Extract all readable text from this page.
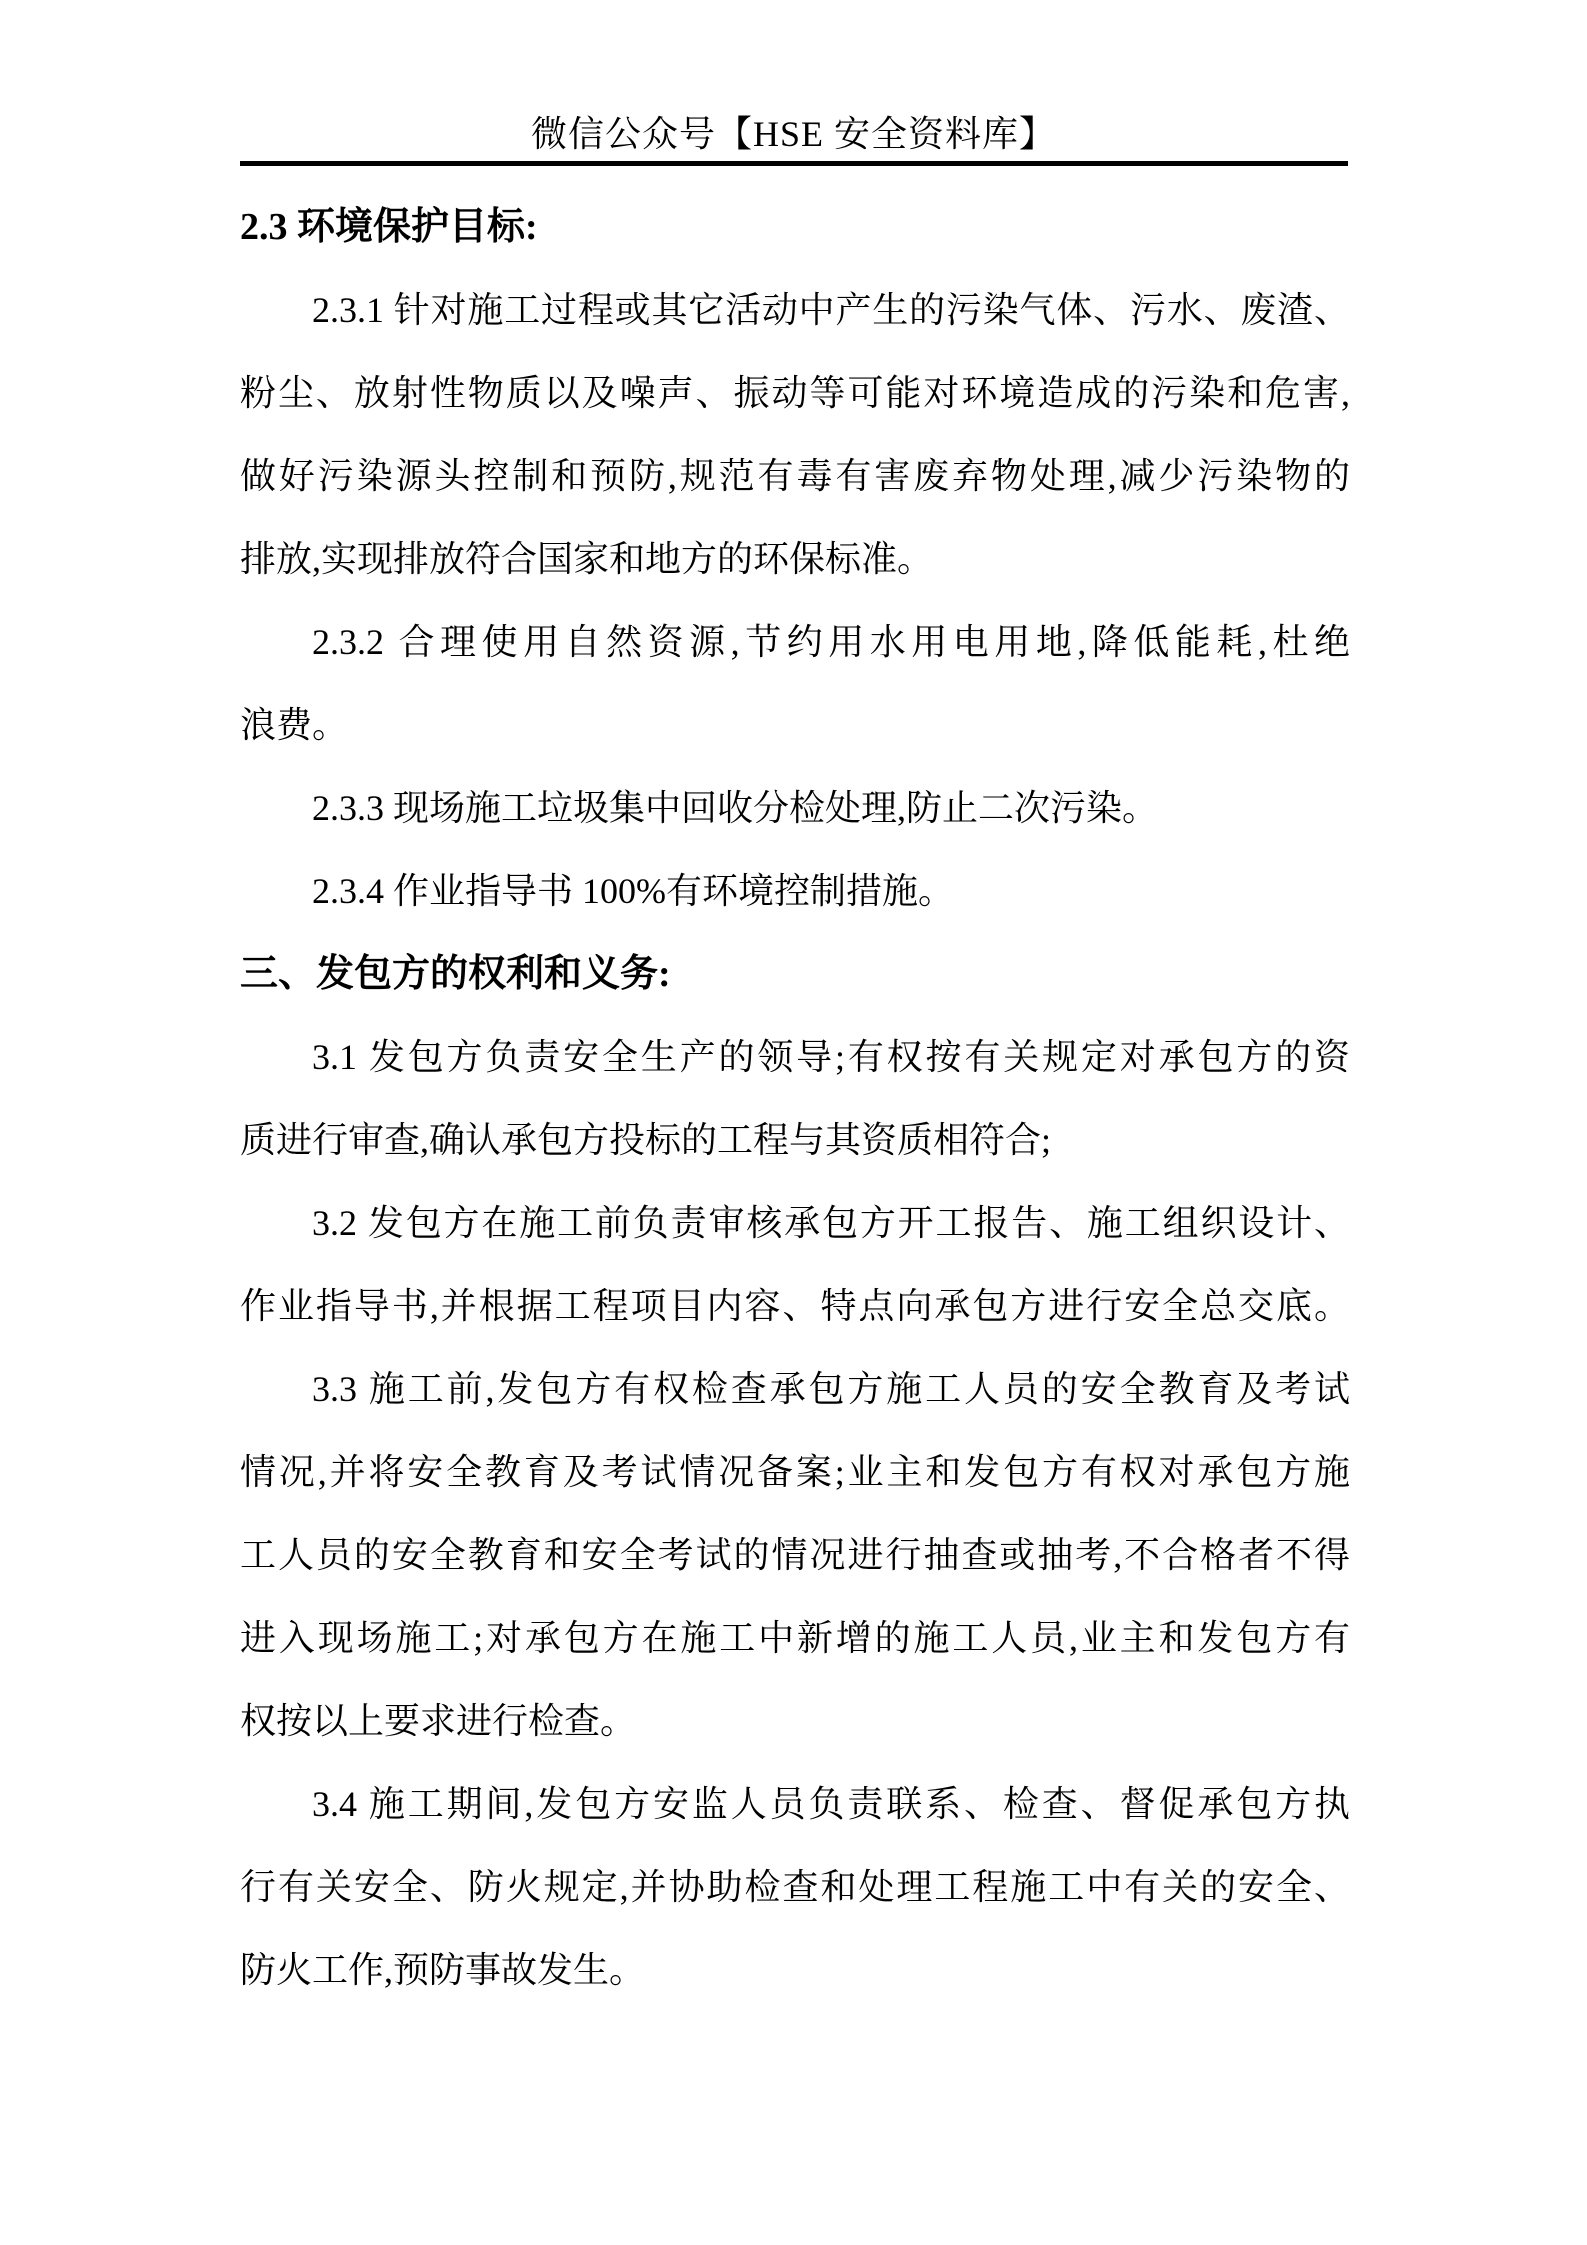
微信公众号【HSE 安全资料库】
2.3 环境保护目标:
2.3.1 针对施工过程或其它活动中产生的污染气体、污水、废渣、
粉尘、放射性物质以及噪声、振动等可能对环境造成的污染和危害,
做好污染源头控制和预防,规范有毒有害废弃物处理,减少污染物的
排放,实现排放符合国家和地方的环保标准。
2.3.2 合理使用自然资源,节约用水用电用地,降低能耗,杜绝
浪费。
2.3.3 现场施工垃圾集中回收分检处理,防止二次污染。
2.3.4 作业指导书 100%有环境控制措施。
三、发包方的权利和义务:
3.1 发包方负责安全生产的领导;有权按有关规定对承包方的资
质进行审查,确认承包方投标的工程与其资质相符合;
3.2 发包方在施工前负责审核承包方开工报告、施工组织设计、
作业指导书,并根据工程项目内容、特点向承包方进行安全总交底。
3.3 施工前,发包方有权检查承包方施工人员的安全教育及考试
情况,并将安全教育及考试情况备案;业主和发包方有权对承包方施
工人员的安全教育和安全考试的情况进行抽查或抽考,不合格者不得
进入现场施工;对承包方在施工中新增的施工人员,业主和发包方有
权按以上要求进行检查。
3.4 施工期间,发包方安监人员负责联系、检查、督促承包方执
行有关安全、防火规定,并协助检查和处理工程施工中有关的安全、
防火工作,预防事故发生。
